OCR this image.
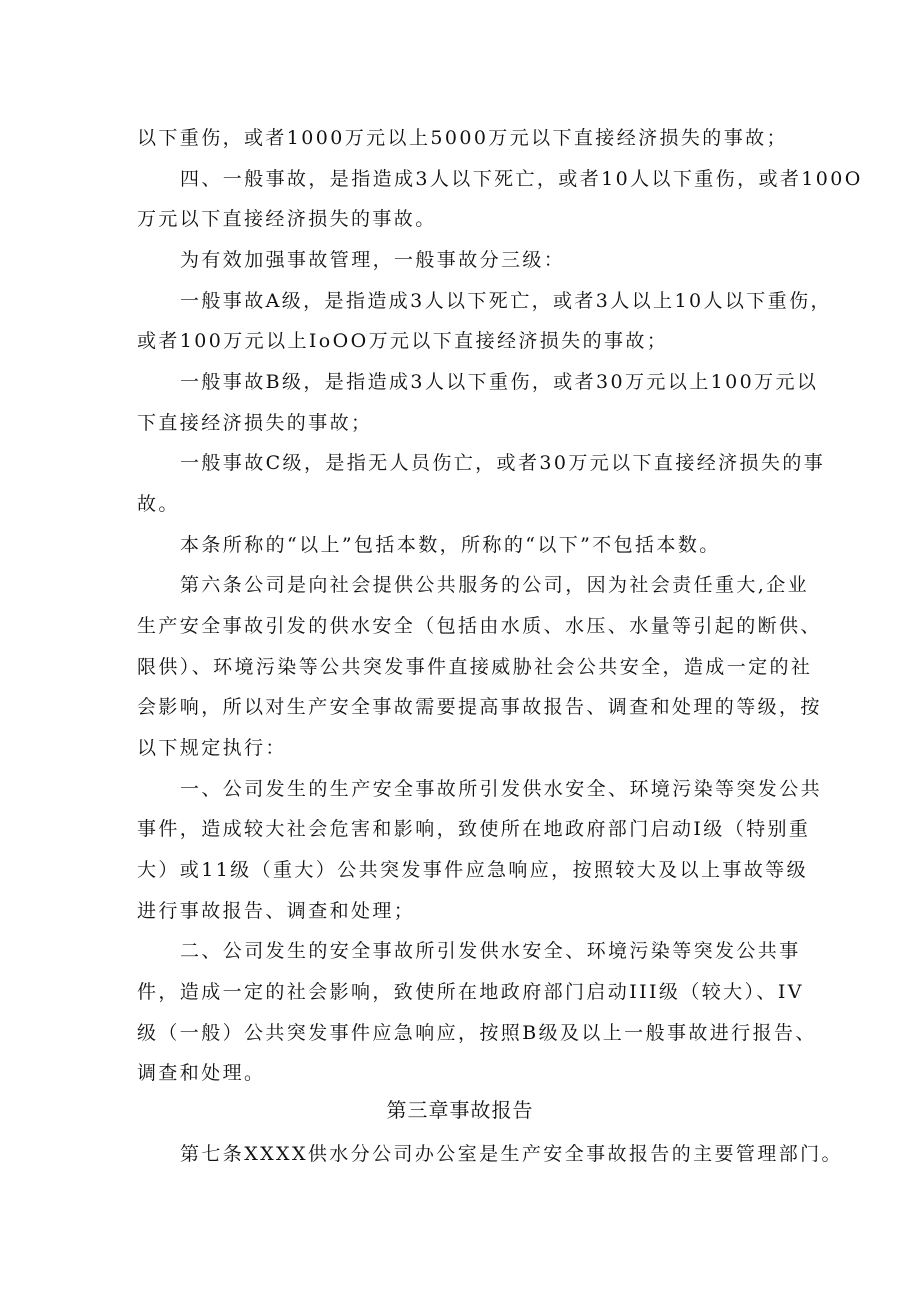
以下重伤，或者1000万元以上5000万元以下直接经济损失的事故；
四、一般事故，是指造成3人以下死亡，或者10人以下重伤，或者100O
万元以下直接经济损失的事故。
为有效加强事故管理，一般事故分三级：
一般事故A级，是指造成3人以下死亡，或者3人以上10人以下重伤，
或者100万元以上IoOO万元以下直接经济损失的事故；
一般事故B级，是指造成3人以下重伤，或者30万元以上100万元以
下直接经济损失的事故；
一般事故C级，是指无人员伤亡，或者30万元以下直接经济损失的事
故。
本条所称的“以上”包括本数，所称的“以下”不包括本数。
第六条公司是向社会提供公共服务的公司，因为社会责任重大,企业
生产安全事故引发的供水安全（包括由水质、水压、水量等引起的断供、
限供）、环境污染等公共突发事件直接威胁社会公共安全，造成一定的社
会影响，所以对生产安全事故需要提高事故报告、调查和处理的等级，按
以下规定执行：
一、公司发生的生产安全事故所引发供水安全、环境污染等突发公共
事件，造成较大社会危害和影响，致使所在地政府部门启动I级（特别重
大）或11级（重大）公共突发事件应急响应，按照较大及以上事故等级
进行事故报告、调查和处理；
二、公司发生的安全事故所引发供水安全、环境污染等突发公共事
件，造成一定的社会影响，致使所在地政府部门启动III级（较大）、IV
级（一般）公共突发事件应急响应，按照B级及以上一般事故进行报告、
调查和处理。
第三章事故报告
第七条XXXX供水分公司办公室是生产安全事故报告的主要管理部门。
